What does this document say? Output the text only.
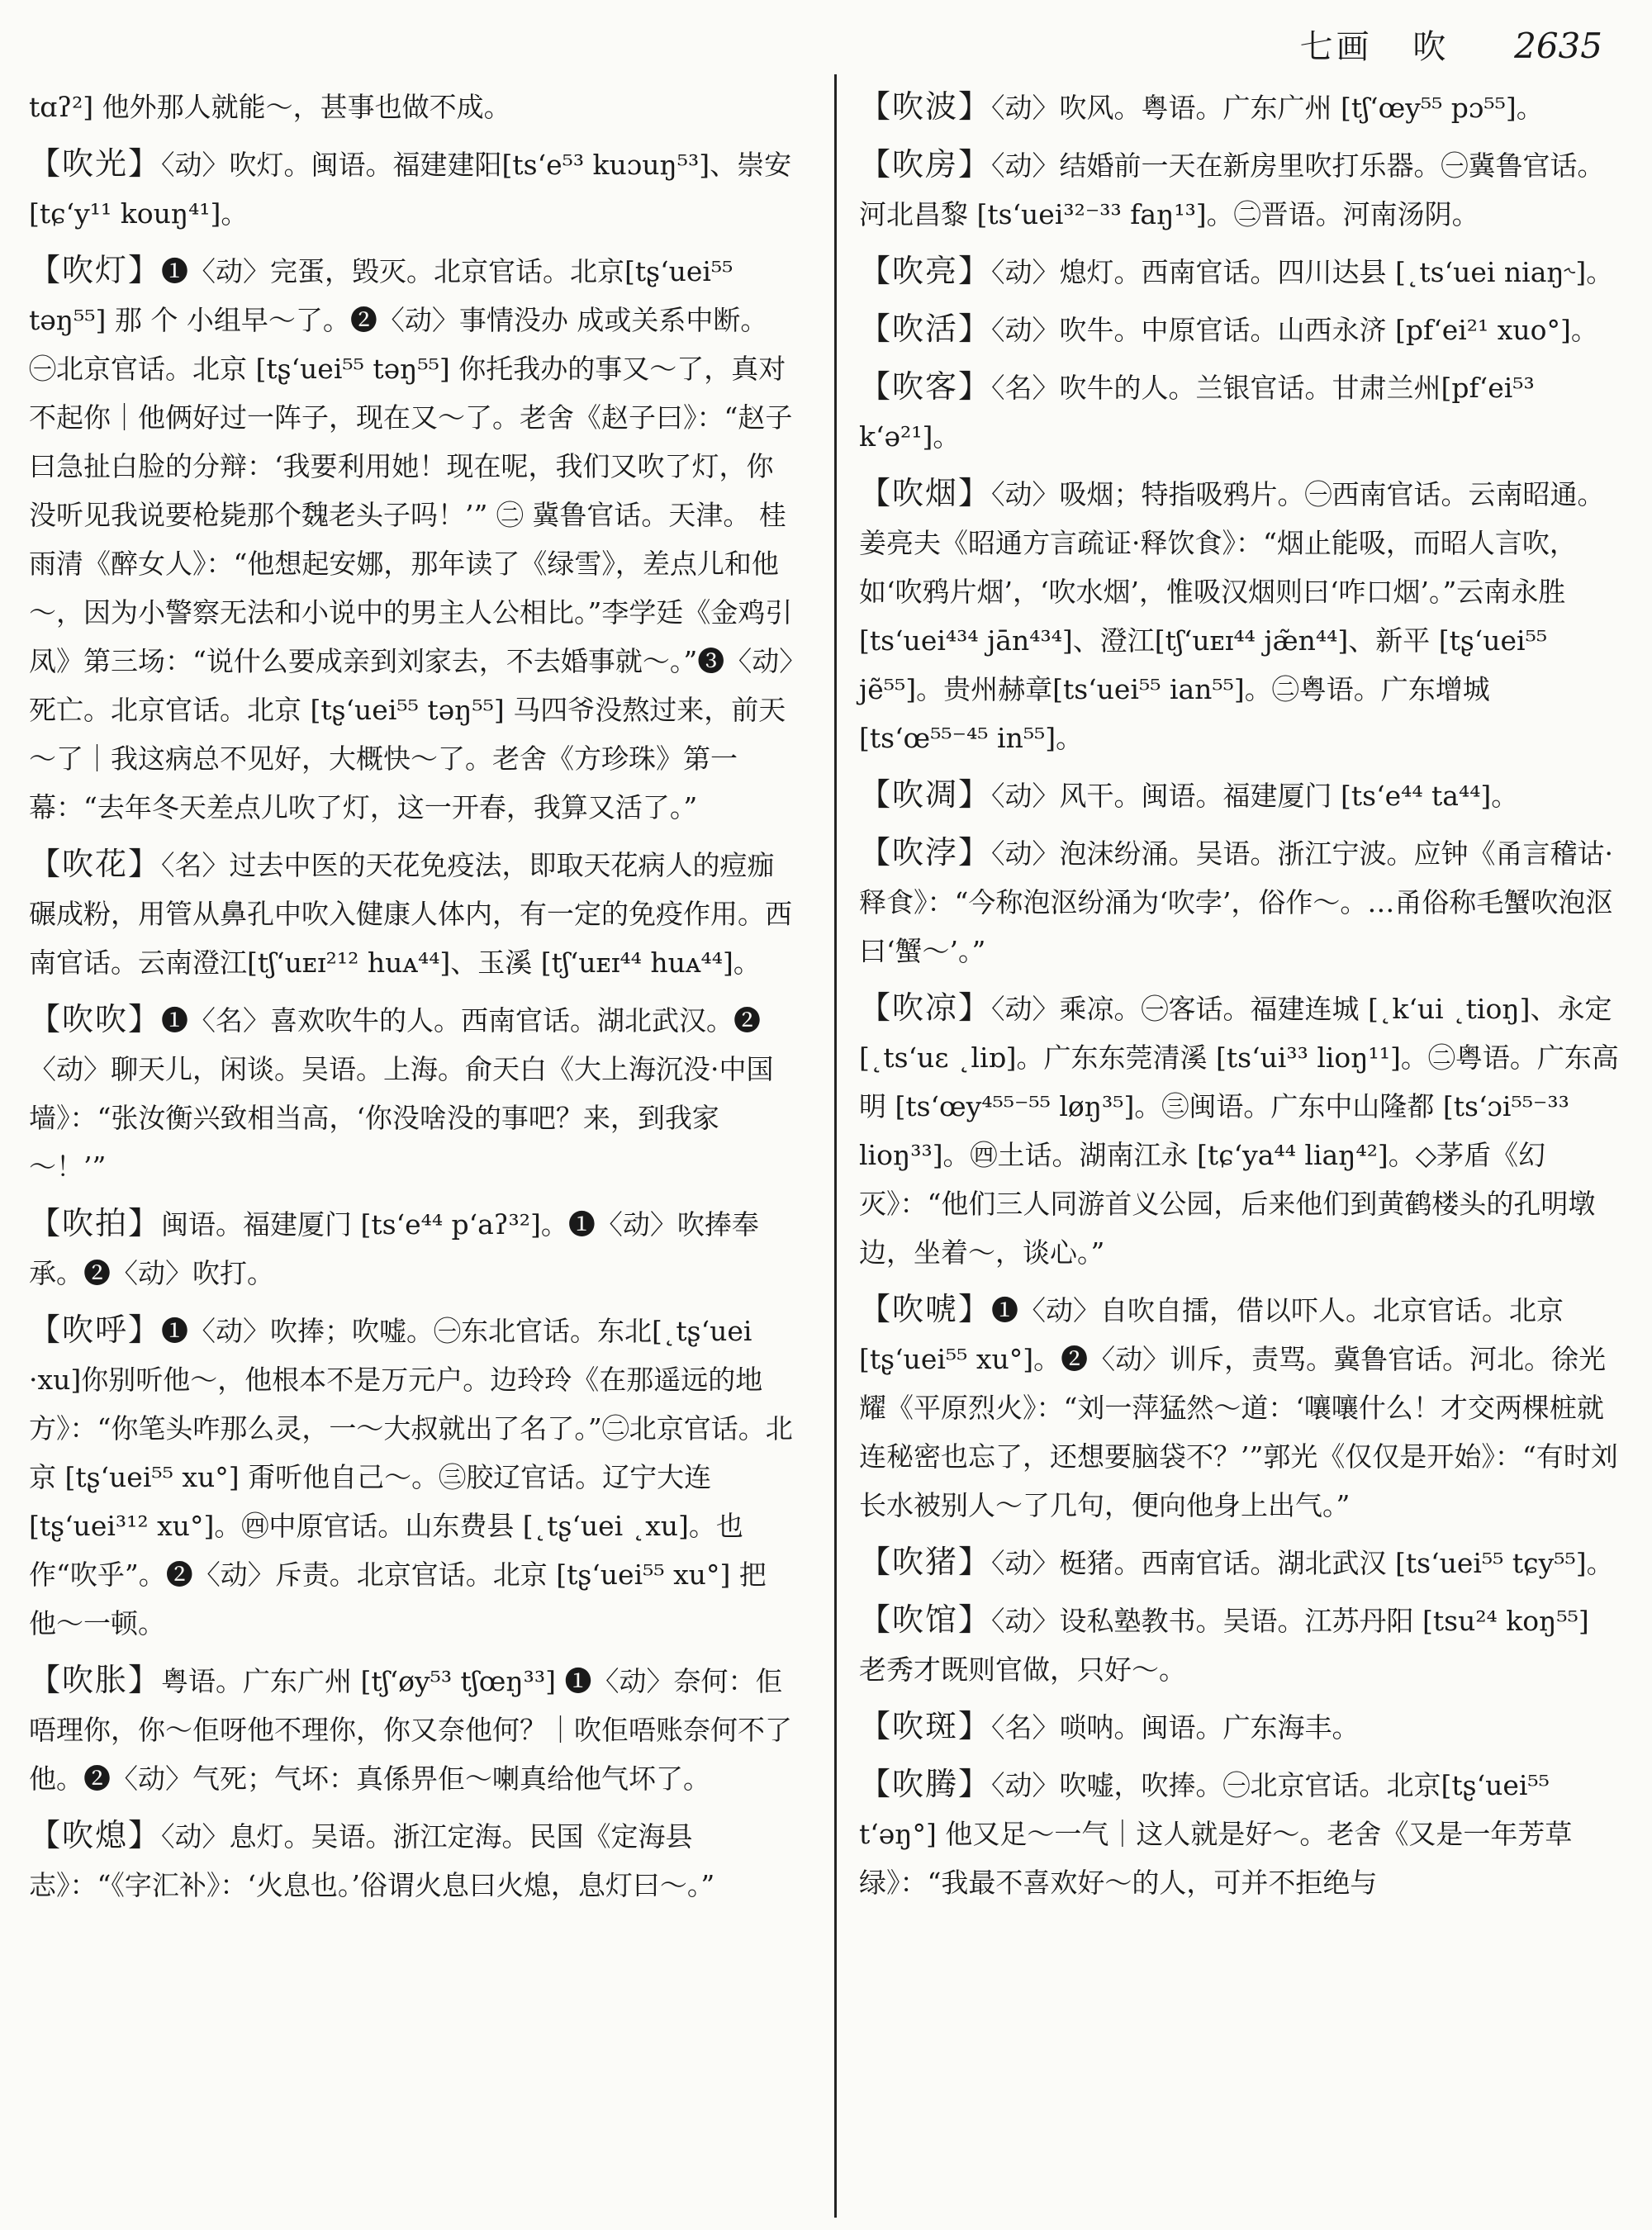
七画 吹 2635
tɑʔ²] 他外那人就能～，甚事也做不成。
【吹光】〈动〉吹灯。闽语。福建建阳[ts‘e⁵³ kuɔuŋ⁵³]、崇安 [tɕ‘y¹¹ kouŋ⁴¹]。
【吹灯】❶〈动〉完蛋，毁灭。北京官话。北京[tʂ‘uei⁵⁵ təŋ⁵⁵] 那 个 小组早～了。❷〈动〉事情没办 成或关系中断。㊀北京官话。北京 [tʂ‘uei⁵⁵ təŋ⁵⁵] 你托我办的事又～了，真对不起你｜他俩好过一阵子，现在又～了。老舍《赵子曰》：“赵子曰急扯白脸的分辩：‘我要利用她！现在呢，我们又吹了灯，你没听见我说要枪毙那个魏老头子吗！’” ㊁ 冀鲁官话。天津。 桂雨清《醉女人》：“他想起安娜，那年读了《绿雪》，差点儿和他～，因为小警察无法和小说中的男主人公相比。”李学廷《金鸡引凤》第三场：“说什么要成亲到刘家去，不去婚事就～。”❸〈动〉死亡。北京官话。北京 [tʂ‘uei⁵⁵ təŋ⁵⁵] 马四爷没熬过来，前天～了｜我这病总不见好，大概快～了。老舍《方珍珠》第一幕：“去年冬天差点儿吹了灯，这一开春，我算又活了。”
【吹花】〈名〉过去中医的天花免疫法，即取天花病人的痘痂碾成粉，用管从鼻孔中吹入健康人体内，有一定的免疫作用。西南官话。云南澄江[tʃ‘uᴇɪ²¹² huᴀ⁴⁴]、玉溪 [tʃ‘uᴇɪ⁴⁴ huᴀ⁴⁴]。
【吹吹】❶〈名〉喜欢吹牛的人。西南官话。湖北武汉。❷〈动〉聊天儿，闲谈。吴语。上海。俞天白《大上海沉没·中国墙》：“张汝衡兴致相当高，‘你没啥没的事吧？来，到我家～！’”
【吹拍】闽语。福建厦门 [ts‘e⁴⁴ p‘aʔ³²]。❶〈动〉吹捧奉承。❷〈动〉吹打。
【吹呼】❶〈动〉吹捧；吹嘘。㊀东北官话。东北[˛tʂ‘uei ·xu]你别听他～，他根本不是万元户。边玲玲《在那遥远的地方》：“你笔头咋那么灵，一～大叔就出了名了。”㊁北京官话。北京 [tʂ‘uei⁵⁵ xu°] 甭听他自己～。㊂胶辽官话。辽宁大连 [tʂ‘uei³¹² xu°]。㊃中原官话。山东费县 [˛tʂ‘uei ˛xu]。也作“吹乎”。❷〈动〉斥责。北京官话。北京 [tʂ‘uei⁵⁵ xu°] 把他～一顿。
【吹胀】粤语。广东广州 [tʃ‘øy⁵³ tʃœŋ³³] ❶〈动〉奈何：佢唔理你，你～佢呀他不理你，你又奈他何？｜吹佢唔账奈何不了他。❷〈动〉气死；气坏：真係畀佢～喇真给他气坏了。
【吹熄】〈动〉息灯。吴语。浙江定海。民国《定海县志》：“《字汇补》：‘火息也。’俗谓火息曰火熄，息灯曰～。”
【吹波】〈动〉吹风。粤语。广东广州 [tʃ‘œy⁵⁵ pɔ⁵⁵]。
【吹房】〈动〉结婚前一天在新房里吹打乐器。㊀冀鲁官话。河北昌黎 [ts‘uei³²⁻³³ faŋ¹³]。㊁晋语。河南汤阴。
【吹亮】〈动〉熄灯。西南官话。四川达县 [˛ts‘uei niaŋ˞]。
【吹活】〈动〉吹牛。中原官话。山西永济 [pf‘ei²¹ xuo°]。
【吹客】〈名〉吹牛的人。兰银官话。甘肃兰州[pf‘ei⁵³ k‘ə²¹]。
【吹烟】〈动〉吸烟；特指吸鸦片。㊀西南官话。云南昭通。姜亮夫《昭通方言疏证·释饮食》：“烟止能吸，而昭人言吹，如‘吹鸦片烟’，‘吹水烟’，惟吸汉烟则曰‘咋口烟’。”云南永胜 [ts‘uei⁴³⁴ jān⁴³⁴]、澄江[tʃ‘uᴇɪ⁴⁴ jæ̃n⁴⁴]、新平 [tʂ‘uei⁵⁵ jẽ⁵⁵]。贵州赫章[ts‘uei⁵⁵ ian⁵⁵]。㊁粤语。广东增城 [ts‘œ⁵⁵⁻⁴⁵ in⁵⁵]。
【吹凋】〈动〉风干。闽语。福建厦门 [ts‘e⁴⁴ ta⁴⁴]。
【吹浡】〈动〉泡沫纷涌。吴语。浙江宁波。应钟《甬言稽诂·释食》：“今称泡沤纷涌为‘吹孛’，俗作～。…甬俗称毛蟹吹泡沤曰‘蟹～’。”
【吹凉】〈动〉乘凉。㊀客话。福建连城 [˛k‘ui ˛tioŋ]、永定 [˛ts‘uɛ ˛liɒ]。广东东莞清溪 [ts‘ui³³ lioŋ¹¹]。㊁粤语。广东高明 [ts‘œy⁴⁵⁵⁻⁵⁵ løŋ³⁵]。㊂闽语。广东中山隆都 [ts‘ɔi⁵⁵⁻³³ lioŋ³³]。㊃土话。湖南江永 [tɕ‘ya⁴⁴ liaŋ⁴²]。◇茅盾《幻灭》：“他们三人同游首义公园，后来他们到黄鹤楼头的孔明墩边，坐着～，谈心。”
【吹唬】❶〈动〉自吹自擂，借以吓人。北京官话。北京 [tʂ‘uei⁵⁵ xu°]。❷〈动〉训斥，责骂。冀鲁官话。河北。徐光耀《平原烈火》：“刘一萍猛然～道：‘嚷嚷什么！才交两棵桩就连秘密也忘了，还想要脑袋不？’”郭光《仅仅是开始》：“有时刘长水被别人～了几句，便向他身上出气。”
【吹猪】〈动〉梃猪。西南官话。湖北武汉 [ts‘uei⁵⁵ tɕy⁵⁵]。
【吹馆】〈动〉设私塾教书。吴语。江苏丹阳 [tsu²⁴ koŋ⁵⁵] 老秀才既则官做，只好～。
【吹斑】〈名〉唢呐。闽语。广东海丰。
【吹腾】〈动〉吹嘘，吹捧。㊀北京官话。北京[tʂ‘uei⁵⁵ t‘əŋ°] 他又足～一气｜这人就是好～。老舍《又是一年芳草绿》：“我最不喜欢好～的人，可并不拒绝与
